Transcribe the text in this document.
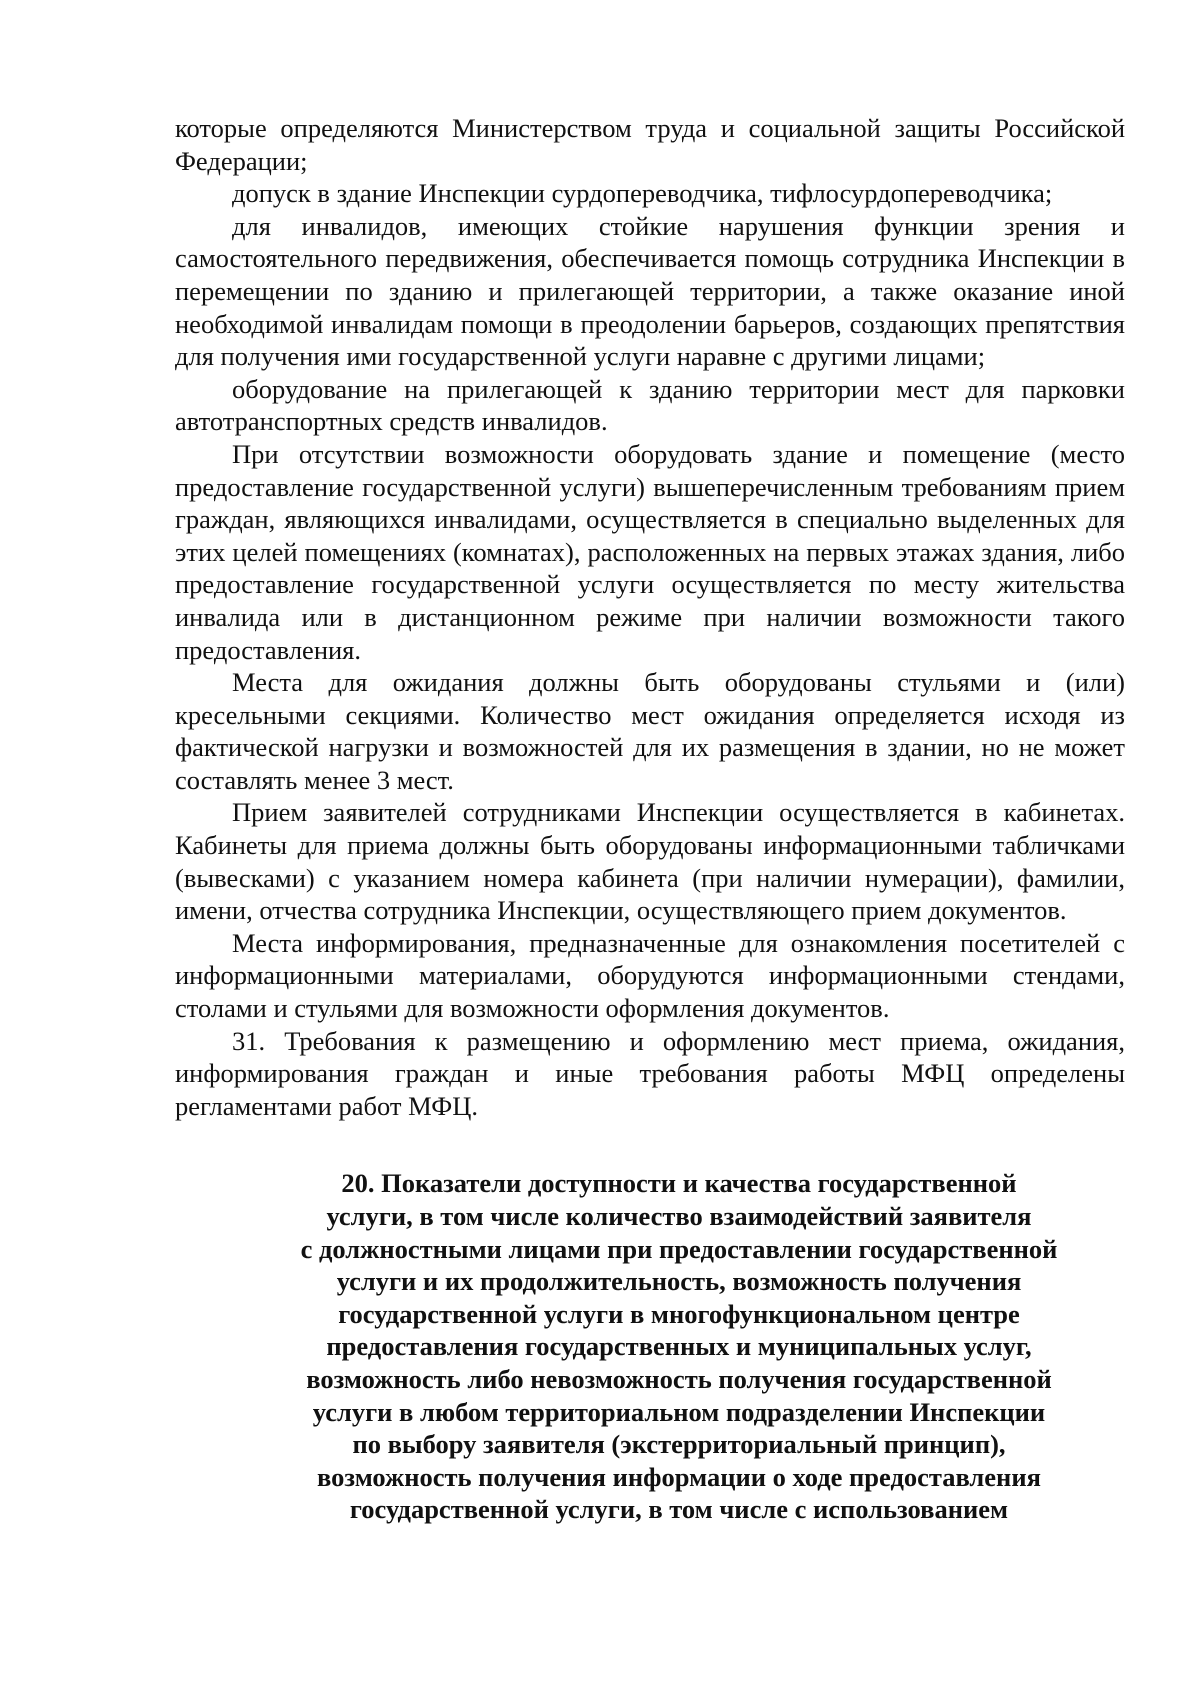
которые определяются Министерством труда и социальной защиты Российской Федерации;

допуск в здание Инспекции сурдопереводчика, тифлосурдопереводчика;

для инвалидов, имеющих стойкие нарушения функции зрения и самостоятельного передвижения, обеспечивается помощь сотрудника Инспекции в перемещении по зданию и прилегающей территории, а также оказание иной необходимой инвалидам помощи в преодолении барьеров, создающих препятствия для получения ими государственной услуги наравне с другими лицами;

оборудование на прилегающей к зданию территории мест для парковки автотранспортных средств инвалидов.

При отсутствии возможности оборудовать здание и помещение (место предоставление государственной услуги) вышеперечисленным требованиям прием граждан, являющихся инвалидами, осуществляется в специально выделенных для этих целей помещениях (комнатах), расположенных на первых этажах здания, либо предоставление государственной услуги осуществляется по месту жительства инвалида или в дистанционном режиме при наличии возможности такого предоставления.

Места для ожидания должны быть оборудованы стульями и (или) кресельными секциями. Количество мест ожидания определяется исходя из фактической нагрузки и возможностей для их размещения в здании, но не может составлять менее 3 мест.

Прием заявителей сотрудниками Инспекции осуществляется в кабинетах. Кабинеты для приема должны быть оборудованы информационными табличками (вывесками) с указанием номера кабинета (при наличии нумерации), фамилии, имени, отчества сотрудника Инспекции, осуществляющего прием документов.

Места информирования, предназначенные для ознакомления посетителей с информационными материалами, оборудуются информационными стендами, столами и стульями для возможности оформления документов.

31. Требования к размещению и оформлению мест приема, ожидания, информирования граждан и иные требования работы МФЦ определены регламентами работ МФЦ.

20. Показатели доступности и качества государственной
услуги, в том числе количество взаимодействий заявителя
с должностными лицами при предоставлении государственной
услуги и их продолжительность, возможность получения
государственной услуги в многофункциональном центре
предоставления государственных и муниципальных услуг,
возможность либо невозможность получения государственной
услуги в любом территориальном подразделении Инспекции
по выбору заявителя (экстерриториальный принцип),
возможность получения информации о ходе предоставления
государственной услуги, в том числе с использованием
